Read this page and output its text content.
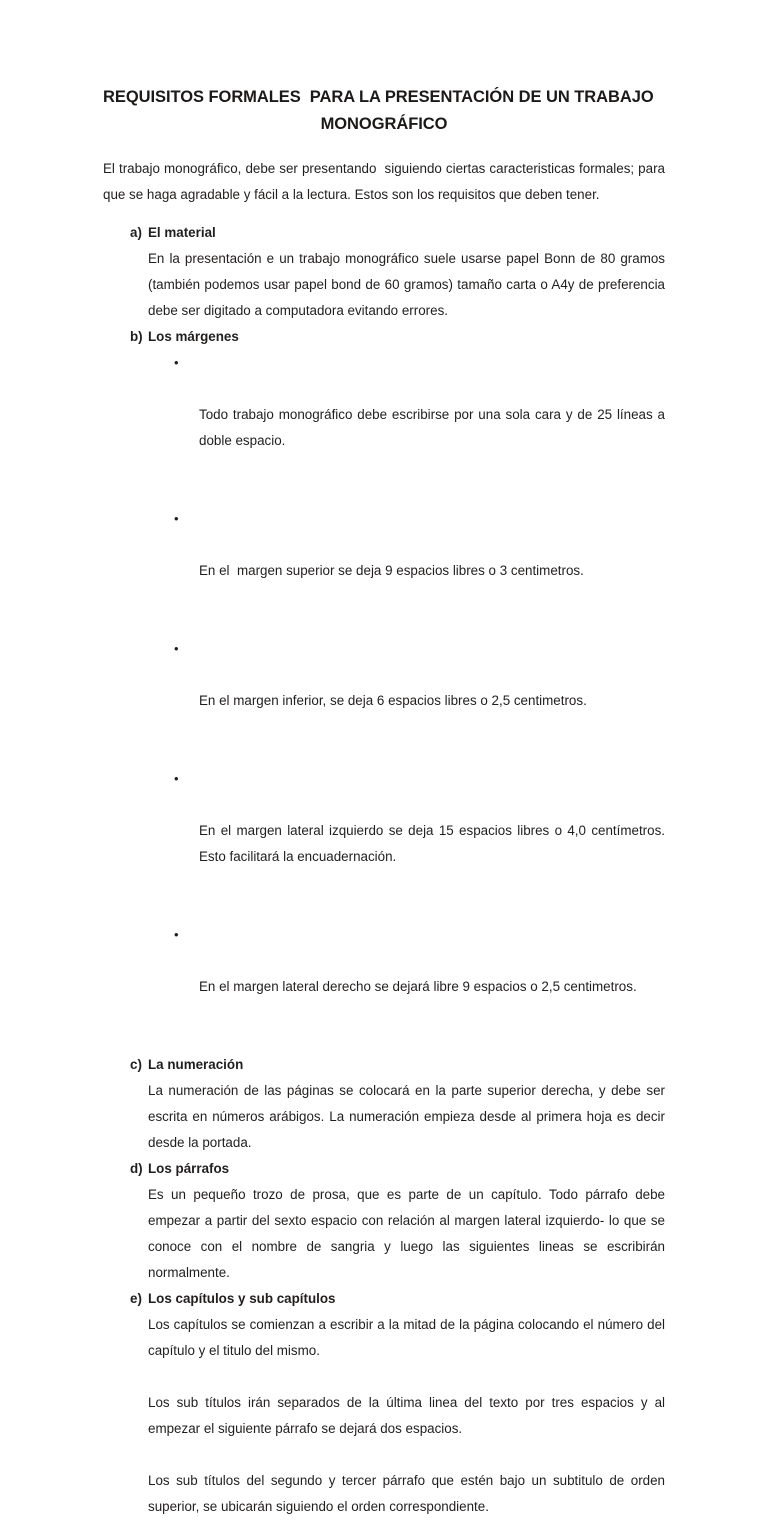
REQUISITOS FORMALES  PARA LA PRESENTACIÓN DE UN TRABAJO
MONOGRÁFICO

El trabajo monográfico, debe ser presentando  siguiendo ciertas caracteristicas formales; para que se haga agradable y fácil a la lectura. Estos son los requisitos que deben tener.

a) El material
En la presentación e un trabajo monográfico suele usarse papel Bonn de 80 gramos (también podemos usar papel bond de 60 gramos) tamaño carta o A4y de preferencia debe ser digitado a computadora evitando errores.
b) Los márgenes

• Todo trabajo monográfico debe escribirse por una sola cara y de 25 líneas a doble espacio.

• En el  margen superior se deja 9 espacios libres o 3 centimetros.

• En el margen inferior, se deja 6 espacios libres o 2,5 centimetros.

• En el margen lateral izquierdo se deja 15 espacios libres o 4,0 centímetros. Esto facilitará la encuadernación.

• En el margen lateral derecho se dejará libre 9 espacios o 2,5 centimetros.

c) La numeración
La numeración de las páginas se colocará en la parte superior derecha, y debe ser escrita en números arábigos. La numeración empieza desde al primera hoja es decir desde la portada.
d) Los párrafos
Es un pequeño trozo de prosa, que es parte de un capítulo. Todo párrafo debe empezar a partir del sexto espacio con relación al margen lateral izquierdo- lo que se conoce con el nombre de sangria y luego las siguientes lineas se escribirán normalmente.
e) Los capítulos y sub capítulos
Los capítulos se comienzan a escribir a la mitad de la página colocando el número del capítulo y el titulo del mismo.
Los sub títulos irán separados de la última linea del texto por tres espacios y al empezar el siguiente párrafo se dejará dos espacios.
Los sub títulos del segundo y tercer párrafo que estén bajo un subtitulo de orden superior, se ubicarán siguiendo el orden correspondiente.
